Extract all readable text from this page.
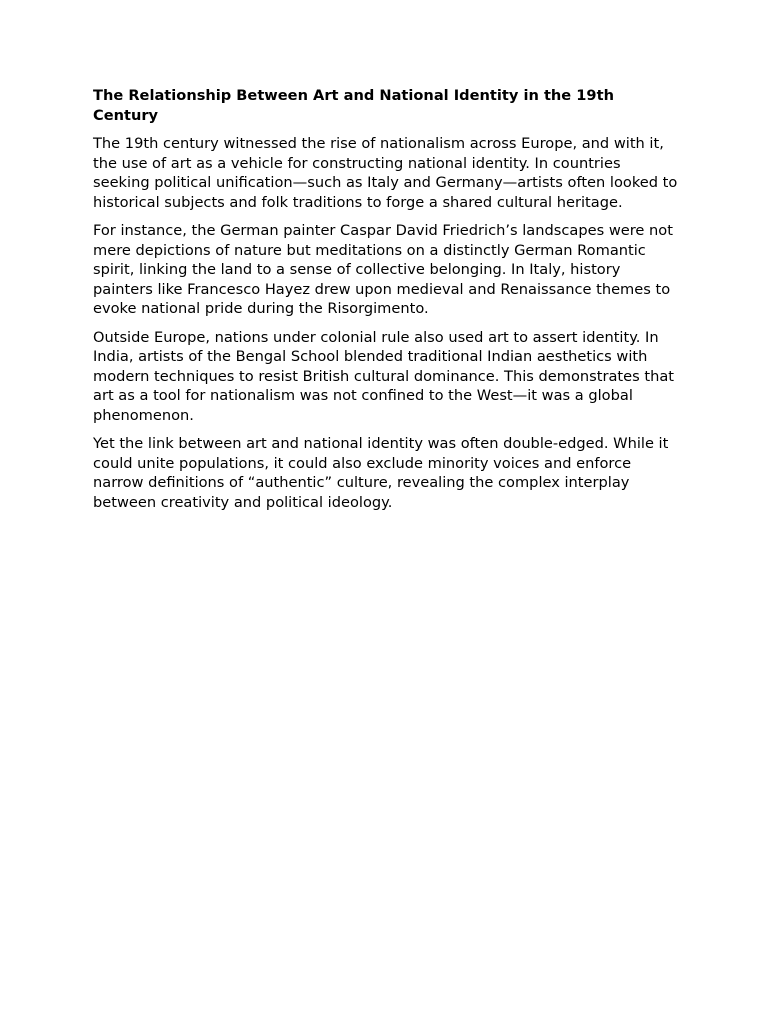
The Relationship Between Art and National Identity in the 19th Century

The 19th century witnessed the rise of nationalism across Europe, and with it, the use of art as a vehicle for constructing national identity. In countries seeking political unification—such as Italy and Germany—artists often looked to historical subjects and folk traditions to forge a shared cultural heritage.

For instance, the German painter Caspar David Friedrich’s landscapes were not mere depictions of nature but meditations on a distinctly German Romantic spirit, linking the land to a sense of collective belonging. In Italy, history painters like Francesco Hayez drew upon medieval and Renaissance themes to evoke national pride during the Risorgimento.

Outside Europe, nations under colonial rule also used art to assert identity. In India, artists of the Bengal School blended traditional Indian aesthetics with modern techniques to resist British cultural dominance. This demonstrates that art as a tool for nationalism was not confined to the West—it was a global phenomenon.

Yet the link between art and national identity was often double-edged. While it could unite populations, it could also exclude minority voices and enforce narrow definitions of “authentic” culture, revealing the complex interplay between creativity and political ideology.
